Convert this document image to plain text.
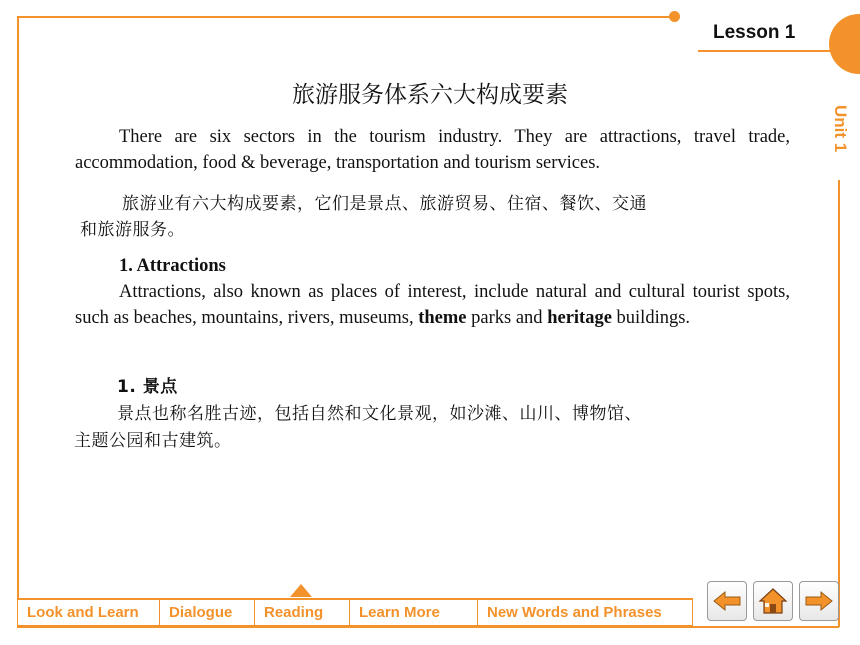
Lesson 1
Unit 1
旅游服务体系六大构成要素
There are six sectors in the tourism industry. They are attractions, travel trade, accommodation, food & beverage, transportation and tourism services.
旅游业有六大构成要素，它们是景点、旅游贸易、住宿、餐饮、交通
和旅游服务。
1. Attractions
Attractions, also known as places of interest, include natural and cultural tourist spots, such as beaches, mountains, rivers, museums, theme parks and heritage buildings.
1. 景点
景点也称名胜古迹，包括自然和文化景观，如沙滩、山川、博物馆、
主题公园和古建筑。
Look and Learn	Dialogue	Reading	Learn More	New Words and Phrases
